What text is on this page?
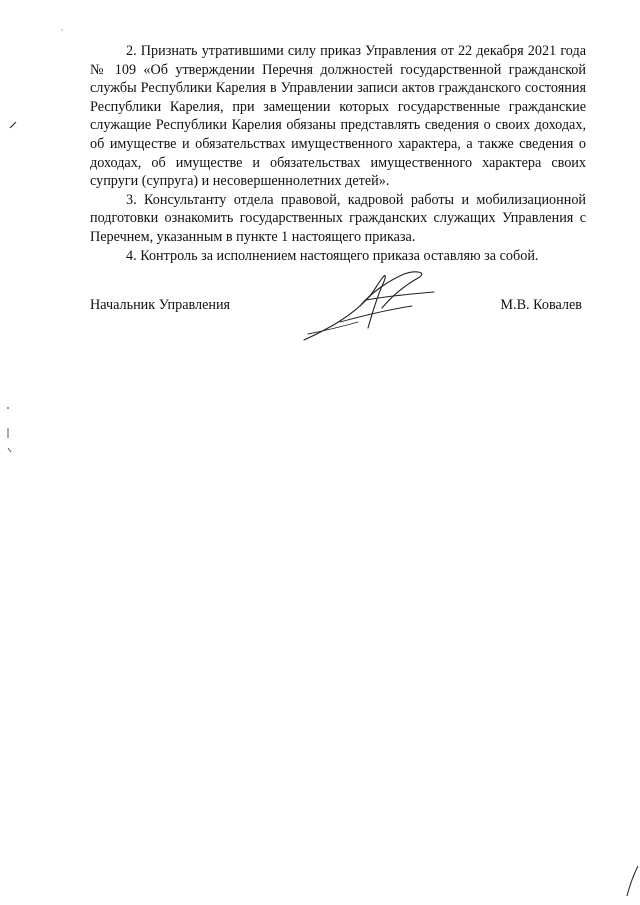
2. Признать утратившими силу приказ Управления от 22 декабря 2021 года № 109 «Об утверждении Перечня должностей государственной гражданской службы Республики Карелия в Управлении записи актов гражданского состояния Республики Карелия, при замещении которых государственные гражданские служащие Республики Карелия обязаны представлять сведения о своих доходах, об имуществе и обязательствах имущественного характера, а также сведения о доходах, об имуществе и обязательствах имущественного характера своих супруги (супруга) и несовершеннолетних детей».

3. Консультанту отдела правовой, кадровой работы и мобилизационной подготовки ознакомить государственных гражданских служащих Управления с Перечнем, указанным в пункте 1 настоящего приказа.

4. Контроль за исполнением настоящего приказа оставляю за собой.

Начальник Управления	М.В. Ковалев
